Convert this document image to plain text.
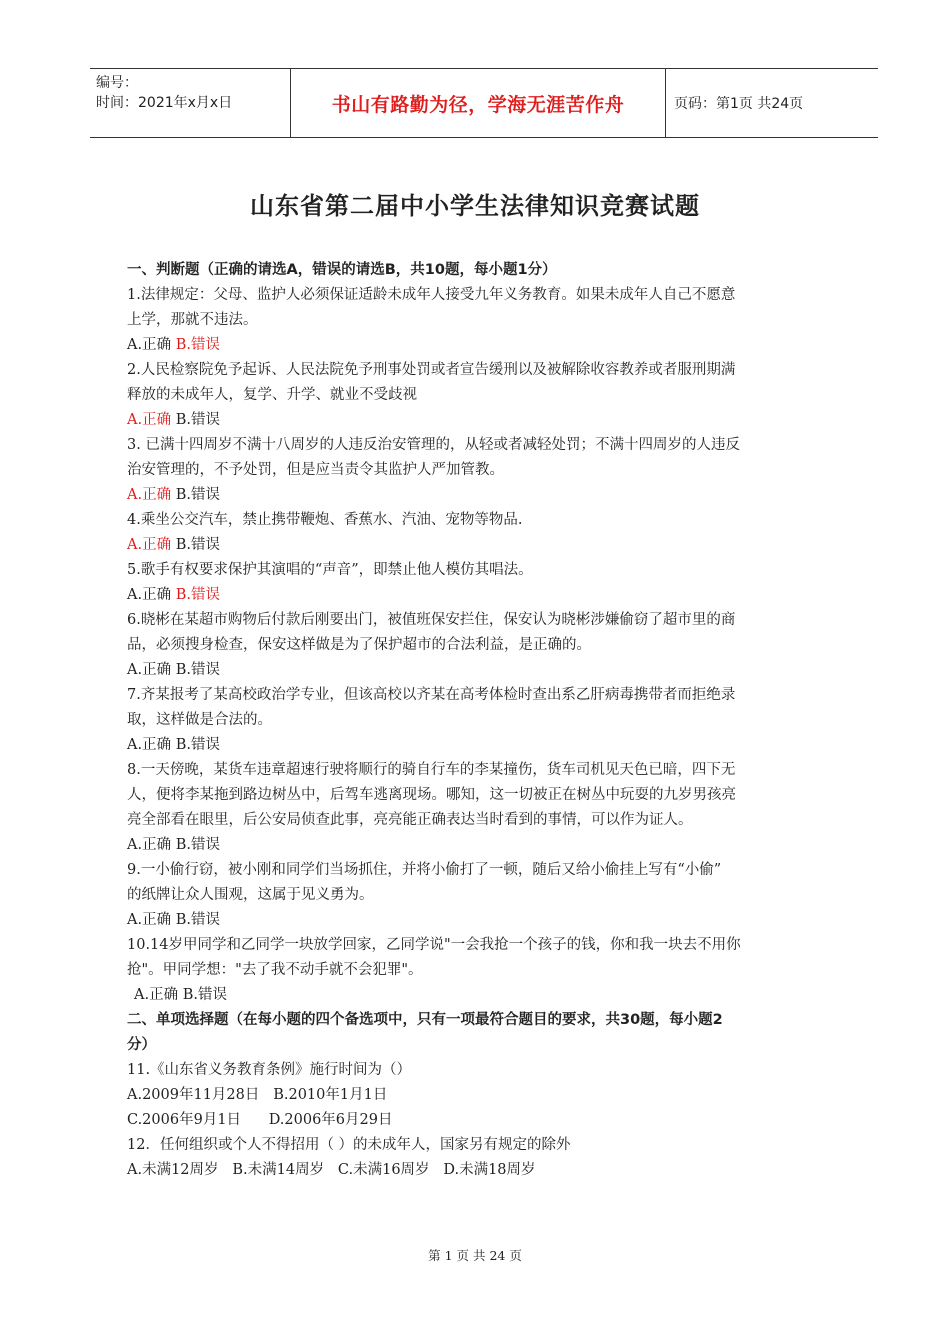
编号：
时间：2021年x月x日	书山有路勤为径，学海无涯苦作舟	页码：第1页 共24页
山东省第二届中小学生法律知识竞赛试题

一、判断题（正确的请选A，错误的请选B，共10题，每小题1分）

1.法律规定：父母、监护人必须保证适龄未成年人接受九年义务教育。如果未成年人自己不愿意

上学，那就不违法。

A.正确 B.错误

2.人民检察院免予起诉、人民法院免予刑事处罚或者宣告缓刑以及被解除收容教养或者服刑期满

释放的未成年人，复学、升学、就业不受歧视

A.正确 B.错误

3. 已满十四周岁不满十八周岁的人违反治安管理的，从轻或者减轻处罚；不满十四周岁的人违反

治安管理的，不予处罚，但是应当责令其监护人严加管教。

A.正确 B.错误

4.乘坐公交汽车，禁止携带鞭炮、香蕉水、汽油、宠物等物品.

A.正确 B.错误

5.歌手有权要求保护其演唱的“声音”，即禁止他人模仿其唱法。

A.正确 B.错误

6.晓彬在某超市购物后付款后刚要出门，被值班保安拦住，保安认为晓彬涉嫌偷窃了超市里的商

品，必须搜身检查，保安这样做是为了保护超市的合法利益，是正确的。

A.正确 B.错误

7.齐某报考了某高校政治学专业，但该高校以齐某在高考体检时查出系乙肝病毒携带者而拒绝录

取，这样做是合法的。

A.正确 B.错误

8.一天傍晚，某货车违章超速行驶将顺行的骑自行车的李某撞伤，货车司机见天色已暗，四下无

人，便将李某拖到路边树丛中，后驾车逃离现场。哪知，这一切被正在树丛中玩耍的九岁男孩亮

亮全部看在眼里，后公安局侦查此事，亮亮能正确表达当时看到的事情，可以作为证人。

A.正确 B.错误

9.一小偷行窃，被小刚和同学们当场抓住，并将小偷打了一顿，随后又给小偷挂上写有“小偷”

的纸牌让众人围观，这属于见义勇为。

A.正确 B.错误

10.14岁甲同学和乙同学一块放学回家，乙同学说"一会我抢一个孩子的钱，你和我一块去不用你

抢"。甲同学想："去了我不动手就不会犯罪"。

A.正确 B.错误

二、单项选择题（在每小题的四个备选项中，只有一项最符合题目的要求，共30题，每小题2

分）

11.《山东省义务教育条例》施行时间为（）

A.2009年11月28日   B.2010年1月1日

C.2006年9月1日      D.2006年6月29日

12．任何组织或个人不得招用（ ）的未成年人，国家另有规定的除外

A.未满12周岁   B.未满14周岁   C.未满16周岁   D.未满18周岁

第 1 页 共 24 页
